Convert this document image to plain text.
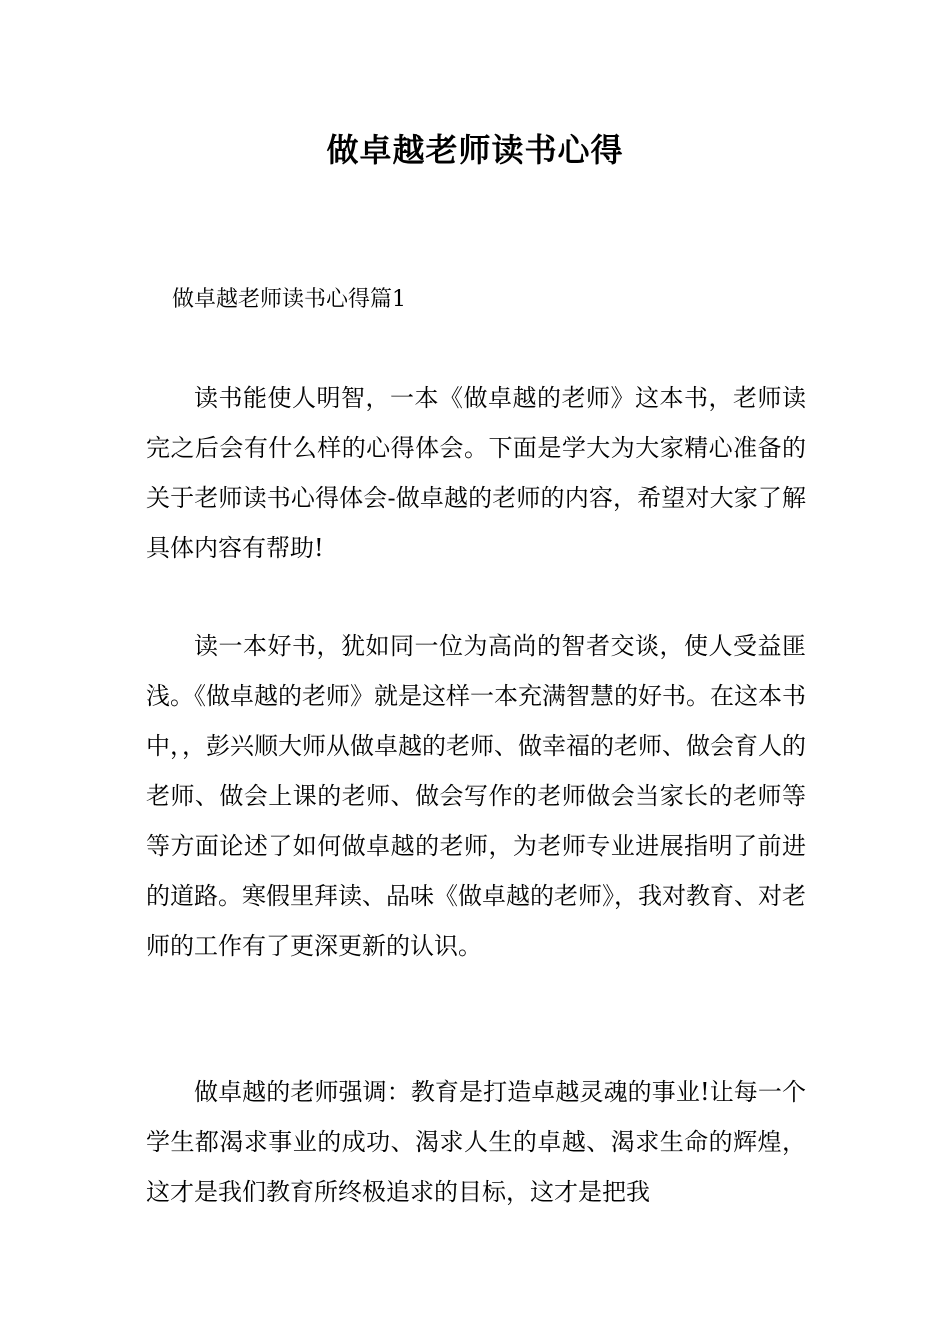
做卓越老师读书心得
做卓越老师读书心得篇1

读书能使人明智，一本《做卓越的老师》这本书，老师读完之后会有什么样的心得体会。下面是学大为大家精心准备的关于老师读书心得体会-做卓越的老师的内容，希望对大家了解具体内容有帮助!

读一本好书，犹如同一位为高尚的智者交谈，使人受益匪浅。《做卓越的老师》就是这样一本充满智慧的好书。在这本书中，，彭兴顺大师从做卓越的老师、做幸福的老师、做会育人的老师、做会上课的老师、做会写作的老师做会当家长的老师等等方面论述了如何做卓越的老师，为老师专业进展指明了前进的道路。寒假里拜读、品味《做卓越的老师》，我对教育、对老师的工作有了更深更新的认识。

做卓越的老师强调：教育是打造卓越灵魂的事业!让每一个学生都渴求事业的成功、渴求人生的卓越、渴求生命的辉煌，这才是我们教育所终极追求的目标，这才是把我
